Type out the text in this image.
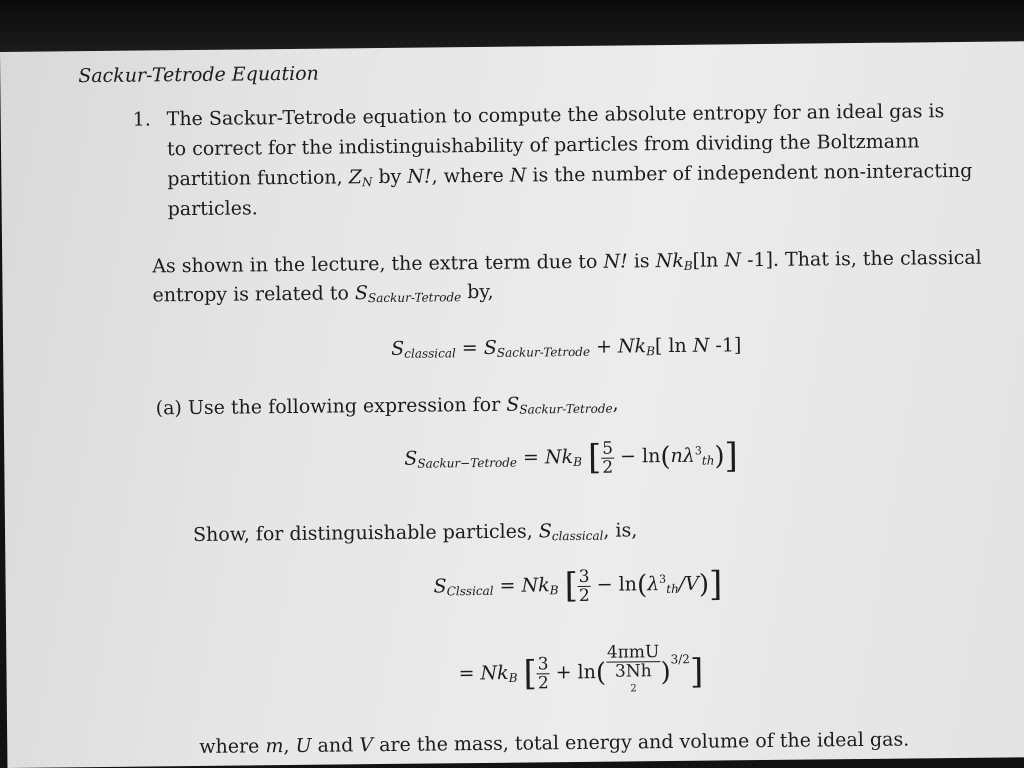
Sackur-Tetrode Equation
1. The Sackur-Tetrode equation to compute the absolute entropy for an ideal gas is
to correct for the indistinguishability of particles from dividing the Boltzmann
partition function, ZN by N!, where N is the number of independent non-interacting
particles.
As shown in the lecture, the extra term due to N! is NkB[ln N -1]. That is, the classical
entropy is related to SSackur-Tetrode by,
Sclassical = SSackur-Tetrode + NkB[ ln N -1]
(a) Use the following expression for SSackur-Tetrode,
SSackur−Tetrode = NkB [ $\frac{5}{2} - \ln(n\lambda^3th)$]
Show, for distinguishable particles, Sclassical, is,
SClssical = NkB [ $\frac{3}{2} - \ln(\lambda^3th/V)$]
= NkB [ $\frac{3}{2} + \ln$( 4πmU
3Nh
$^2$ )$^{3/2}$]
where m, U and V are the mass, total energy and volume of the ideal gas.
